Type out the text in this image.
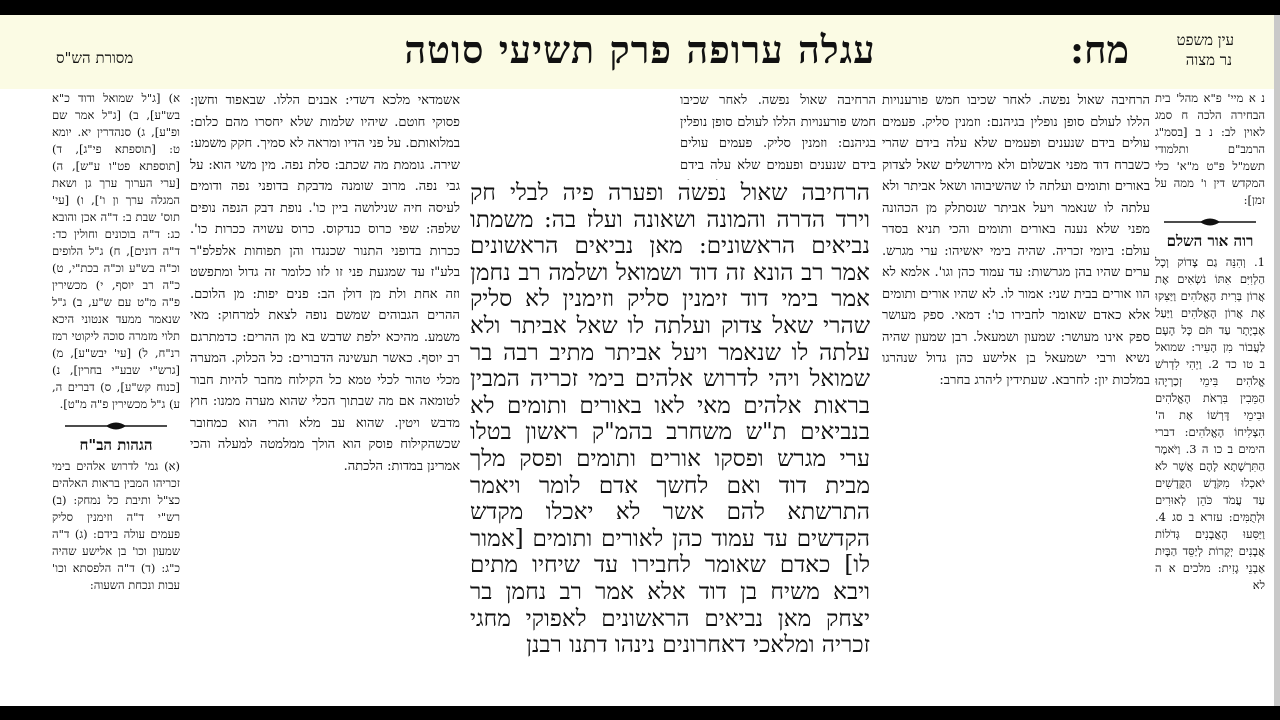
עגלה ערופה פרק תשיעי סוטה	מח:	עין משפט
נר מצוה
מסורת הש"ס

נ א מיי' פ"א מהל' בית הבחירה הלכה ח סמג לאוין לב: נ ב [בסמ"ג הרמב"ם ותלמודי תשמ"ל פ"ט מ"א' כלי המקדש דין ו' ממה על זמן]:

רוה אור השלם

1. וְהִנֵּה גַם צָדוֹק וְכָל הַלְוִיִּם אִתּוֹ נֹשְׂאִים אֶת אֲרוֹן בְּרִית הָאֱלֹהִים וַיַּצִּקוּ אֶת אֲרוֹן הָאֱלֹהִים וַיַּעַל אֶבְיָתָר עַד תֹּם כָּל הָעָם לַעֲבוֹר מִן הָעִיר: שמואל ב טו כד 2. וַיְהִי לִדְרֹשׁ אֱלֹהִים בִּימֵי זְכַרְיָהוּ הַמֵּבִין בִּרְאֹת הָאֱלֹהִים וּבִימֵי דָּרְשׁוֹ אֶת ה' הִצְלִיחוֹ הָאֱלֹהִים: דברי הימים ב כו ה 3. וַיֹּאמֶר הַתִּרְשָׁתָא לָהֶם אֲשֶׁר לֹא יֹאכְלוּ מִקֹּדֶשׁ הַקֳּדָשִׁים עַד עֲמֹד כֹּהֵן לְאוּרִים וּלְתֻמִּים: עזרא ב סג 4. וַיַּסִּעוּ הָאֲבָנִים גְּדֹלוֹת אֲבָנִים יְקָרוֹת לְיַסֵּד הַבָּיִת אַבְנֵי גָזִית: מלכים א ה לא

הרחיבה שאול נפשה. לאחר שכיבו חמש פורענויות הללו לעולם סופן נופלין בגיהנם: וזמנין סליק. פעמים עולים בידם שנענים ופעמים שלא עלה בידם שהרי כשברח דוד מפני אבשלום ולא מירושלים שאל לצדוק באורים ותומים ועלתה לו שהשיבוהו ושאל אביתר ולא עלתה לו שנאמר ויעל אביתר שנסתלק מן הכהונה מפני שלא נענה באורים ותומים והכי תניא בסדר עולם: ביומי זכריה. שהיה בימי יאשיהו: ערי מגרש. ערים שהיו בהן מגרשות: עד עמוד כהן וגו'. אלמא לא הוו אורים בבית שני: אמור לו. לא שהיו אורים ותומים אלא כאדם שאומר לחבירו כו': דמאי. ספק מעושר ספק אינו מעושר: שמעון ושמעאל. רבן שמעון שהיה נשיא ורבי ישמעאל בן אלישע כהן גדול שנהרגו במלכות יון: לחרבא. שעתידין ליהרג בחרב:

הרחיבה שאול נפשה ופערה פיה לבלי חק וירד הדרה והמונה ושאונה ועלז בה: משמתו נביאים הראשונים: מאן נביאים הראשונים אמר רב הונא זה דוד ושמואל ושלמה רב נחמן אמר בימי דוד זימנין סליק וזימנין לא סליק שהרי שאל צדוק ועלתה לו שאל אביתר ולא עלתה לו שנאמר ויעל אביתר מתיב רבה בר שמואל ויהי לדרוש אלהים בימי זכריה המבין בראות אלהים מאי לאו באורים ותומים לא בנביאים ת"ש משחרב בהמ"ק ראשון בטלו ערי מגרש ופסקו אורים ותומים ופסק מלך מבית דוד ואם לחשך אדם לומר ויאמר התרשתא להם אשר לא יאכלו מקדש הקדשים עד עמוד כהן לאורים ותומים [אמור לו] כאדם שאומר לחבירו עד שיחיו מתים ויבא משיח בן דוד אלא אמר רב נחמן בר יצחק מאן נביאים הראשונים לאפוקי מחגי זכריה ומלאכי דאחרונים נינהו דתנו רבנן

הרחיבה שאול נפשה. לאחר שכיבו חמש פורענויות הללו לעולם סופן נופלין בגיהנם: וזמנין סליק. פעמים עולים בידם שנענים ופעמים שלא עלה בידם

אשמדאי מלכא דשדי: אבנים הללו. שבאפוד וחשן: פסוקי חוטם. שיהיו שלמות שלא יחסרו מהם כלום: במלואותם. על פני הדיו ומראה לא סמיך. חקק משמע: שירה. גוממת מה שכתב: סלת נפה. מין משי הוא: על גבי נפה. מרוב שומנה מדבקת בדופני נפה ודומים לעיסה חיה שנילושה ביין כו'. נופת דבק הנפה נופים שלפה: שפי כרוס כנדקוס. כרוס עשויה ככרות כו'. ככרות בדופני התנור שכנגדו והן תפוחות אלפלפ"ר בלע"ז עד שמגעת פני זו לזו כלומר זה גדול ומתפשט וזה אחת ולת מן דולן הב: פנים יפות: מן הלוכם. ההרים הגבוהים שמשם נופה לצאת למרחוק: מאי משמע. מהיכא ילפת שדבש בא מן ההרים: כדמתרגם רב יוסף. כאשר תעשינה הדבורים: כל הכלוק. המערה מכלי טהור לכלי טמא כל הקילוח מחבר להיות חבור לטומאה אם מה שבתוך הכלי שהוא מערה ממנו: חוץ מדבש ויטין. שהוא עב מלא והרי הוא כמחובר שכשהקילוח פוסק הוא הולך ממלמטה למעלה והכי אמרינן במדות: הלכתה.

א) [ג"ל שמואל ודוד כ"א בש"ע], ב) [ג"ל אמר שם ופ"ע], ג) סנהדרין יא. יומא ט: [תוספתא פי"ג], ד) [תוספתא פט"ו ע"ש], ה) [ערי הערוך ערך גן ושאת המגלה ערך ון ו'], ו) [עי' תוס' שבת ב: ד"ה אכן והובא כג: ד"ה בוכונים וחולין כד: ד"ה דונים], ח) ג"ל הלופים וכ"ה בש"ע וכ"ה בכת"י, ט) כ"ה רב יוסף, י) מכשירין פ"ה מ"ט עם ש"ע, ב) ג"ל שנאמר ממעד אנטוני היכא תלוי מזמרה סוכה ליקוטי רמז רנ"ח, ל) [עי' יבש"ע], מ) [גרש"י שבע"י בחרין], נ) [כנוח קש"ע], ס) דברים ה, ע) ג"ל מכשירין פ"ה מ"ט].

הגהות הב"ח

(א) גמ' לדרוש אלהים בימי זכריהו המבין בראות האלהים כצ"ל ותיבת כל נמחק: (ב) רש"י ד"ה וזימנין סליק פעמים עולה בידם: (ג) ד"ה שמעון וכו' בן אלישע שהיה כ"ג: (ד) ד"ה הלפסתא וכו' עבות ונכחת השעוה:
